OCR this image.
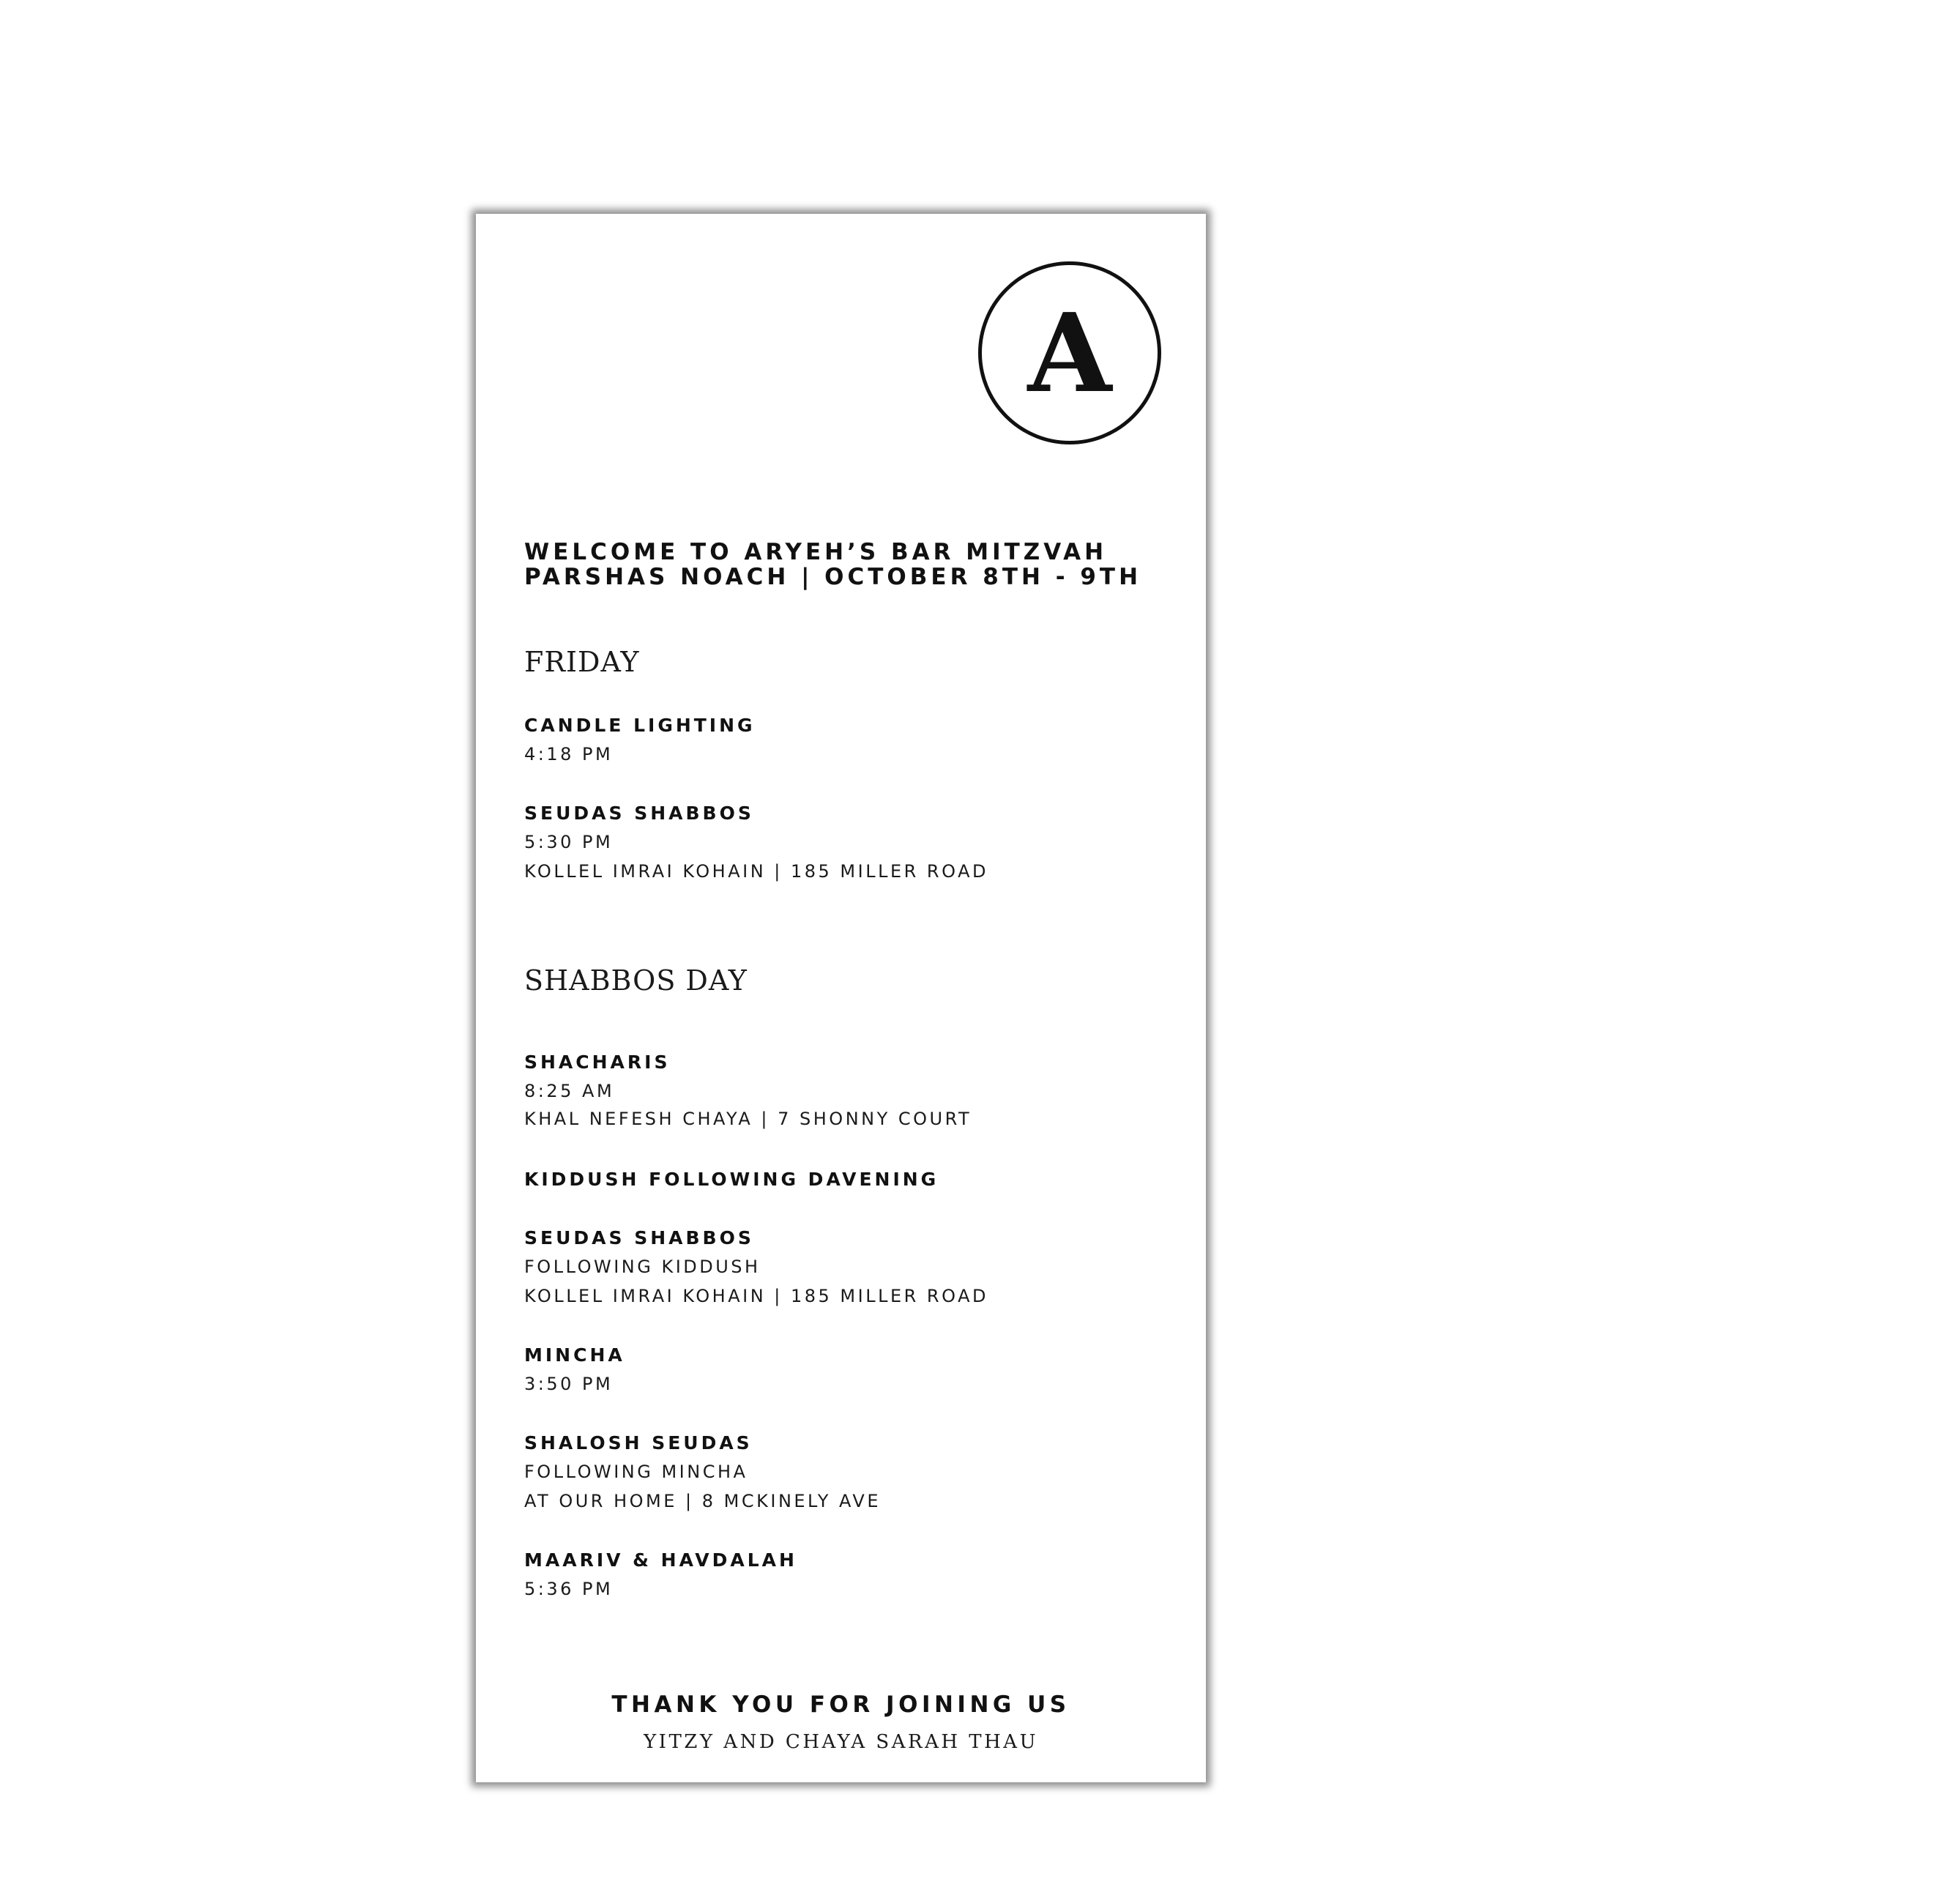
A
WELCOME TO ARYEH’S BAR MITZVAH
PARSHAS NOACH | OCTOBER 8TH - 9TH
FRIDAY
CANDLE LIGHTING
4:18 PM
SEUDAS SHABBOS
5:30 PM
KOLLEL IMRAI KOHAIN | 185 MILLER ROAD
SHABBOS DAY
SHACHARIS
8:25 AM
KHAL NEFESH CHAYA | 7 SHONNY COURT
KIDDUSH FOLLOWING DAVENING
SEUDAS SHABBOS
FOLLOWING KIDDUSH
KOLLEL IMRAI KOHAIN | 185 MILLER ROAD
MINCHA
3:50 PM
SHALOSH SEUDAS
FOLLOWING MINCHA
AT OUR HOME | 8 MCKINELY AVE
MAARIV & HAVDALAH
5:36 PM
THANK YOU FOR JOINING US
YITZY AND CHAYA SARAH THAU
